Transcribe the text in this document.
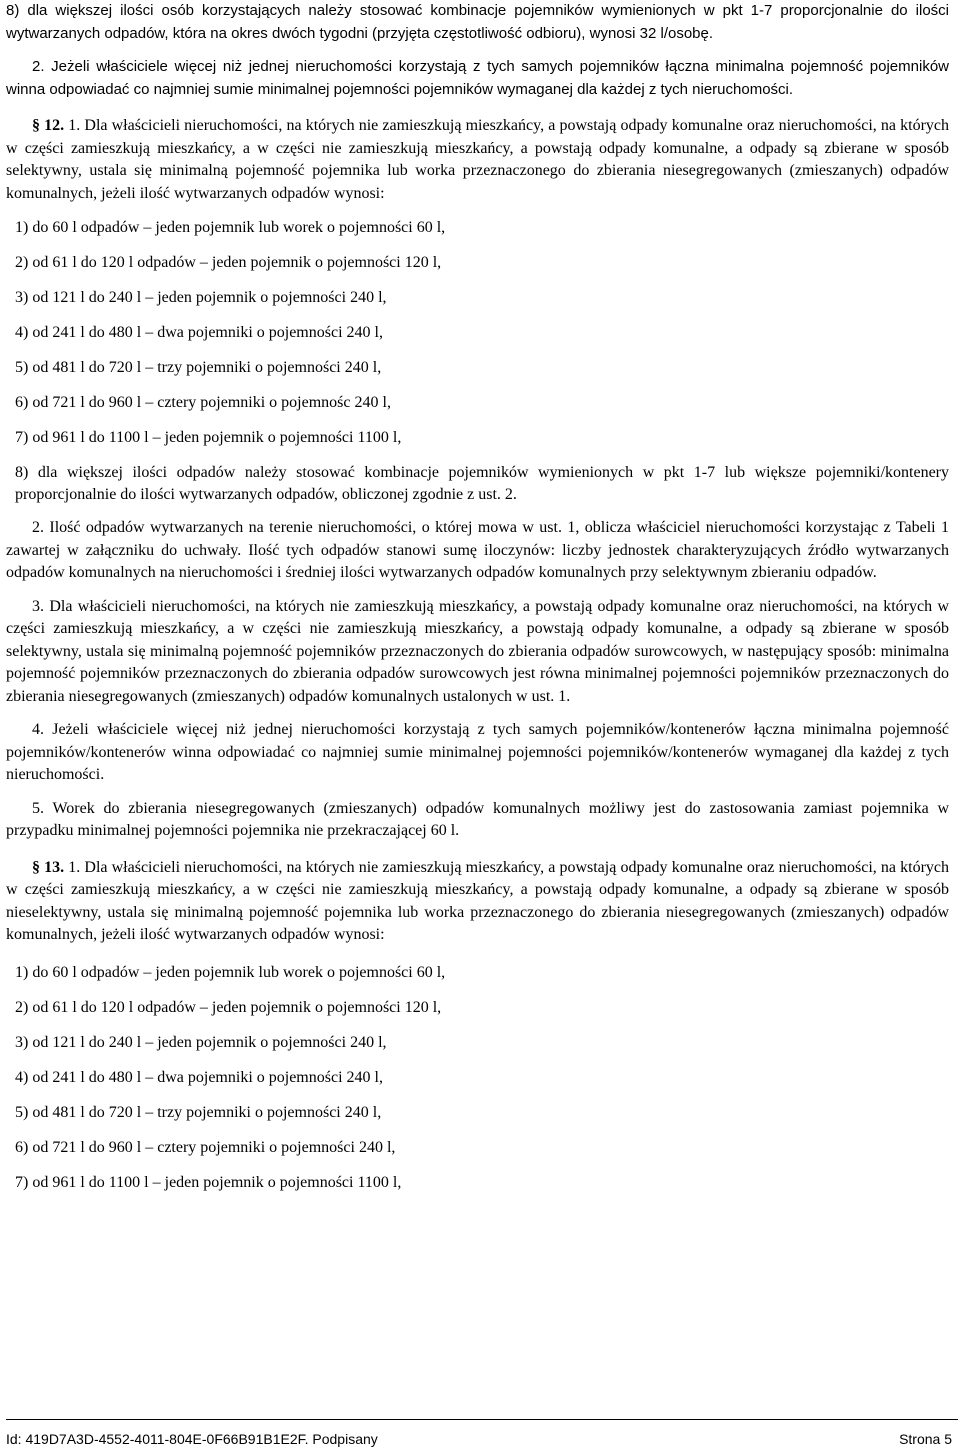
8) dla większej ilości osób korzystających należy stosować kombinacje pojemników wymienionych w pkt 1-7 proporcjonalnie do ilości wytwarzanych odpadów, która na okres dwóch tygodni (przyjęta częstotliwość odbioru), wynosi 32 l/osobę.

2. Jeżeli właściciele więcej niż jednej nieruchomości korzystają z tych samych pojemników łączna minimalna pojemność pojemników winna odpowiadać co najmniej sumie minimalnej pojemności pojemników wymaganej dla każdej z tych nieruchomości.

§ 12. 1. Dla właścicieli nieruchomości, na których nie zamieszkują mieszkańcy, a powstają odpady komunalne oraz nieruchomości, na których w części zamieszkują mieszkańcy, a w części nie zamieszkują mieszkańcy, a powstają odpady komunalne, a odpady są zbierane w sposób selektywny, ustala się minimalną pojemność pojemnika lub worka przeznaczonego do zbierania niesegregowanych (zmieszanych) odpadów komunalnych, jeżeli ilość wytwarzanych odpadów wynosi:

1) do 60 l odpadów – jeden pojemnik lub worek o pojemności 60 l,

2) od 61 l do 120 l odpadów – jeden pojemnik o pojemności 120 l,

3) od 121 l do 240 l – jeden pojemnik o pojemności 240 l,

4) od 241 l do 480 l – dwa pojemniki o pojemności 240 l,

5) od 481 l do 720 l – trzy pojemniki o pojemności 240 l,

6) od 721 l do 960 l – cztery pojemniki o pojemnośc 240 l,

7) od 961 l do 1100 l – jeden pojemnik o pojemności 1100 l,

8) dla większej ilości odpadów należy stosować kombinacje pojemników wymienionych w pkt 1-7 lub większe pojemniki/kontenery proporcjonalnie do ilości wytwarzanych odpadów, obliczonej zgodnie z ust. 2.

2. Ilość odpadów wytwarzanych na terenie nieruchomości, o której mowa w ust. 1, oblicza właściciel nieruchomości korzystając z Tabeli 1 zawartej w załączniku do uchwały. Ilość tych odpadów stanowi sumę iloczynów: liczby jednostek charakteryzujących źródło wytwarzanych odpadów komunalnych na nieruchomości i średniej ilości wytwarzanych odpadów komunalnych przy selektywnym zbieraniu odpadów.

3. Dla właścicieli nieruchomości, na których nie zamieszkują mieszkańcy, a powstają odpady komunalne oraz nieruchomości, na których w części zamieszkują mieszkańcy, a w części nie zamieszkują mieszkańcy, a powstają odpady komunalne, a odpady są zbierane w sposób selektywny, ustala się minimalną pojemność pojemników przeznaczonych do zbierania odpadów surowcowych, w następujący sposób: minimalna pojemność pojemników przeznaczonych do zbierania odpadów surowcowych jest równa minimalnej pojemności pojemników przeznaczonych do zbierania niesegregowanych (zmieszanych) odpadów komunalnych ustalonych w ust. 1.

4. Jeżeli właściciele więcej niż jednej nieruchomości korzystają z tych samych pojemników/kontenerów łączna minimalna pojemność pojemników/kontenerów winna odpowiadać co najmniej sumie minimalnej pojemności pojemników/kontenerów wymaganej dla każdej z tych nieruchomości.

5. Worek do zbierania niesegregowanych (zmieszanych) odpadów komunalnych możliwy jest do zastosowania zamiast pojemnika w przypadku minimalnej pojemności pojemnika nie przekraczającej 60 l.

§ 13. 1. Dla właścicieli nieruchomości, na których nie zamieszkują mieszkańcy, a powstają odpady komunalne oraz nieruchomości, na których w części zamieszkują mieszkańcy, a w części nie zamieszkują mieszkańcy, a powstają odpady komunalne, a odpady są zbierane w sposób nieselektywny, ustala się minimalną pojemność pojemnika lub worka przeznaczonego do zbierania niesegregowanych (zmieszanych) odpadów komunalnych, jeżeli ilość wytwarzanych odpadów wynosi:

1) do 60 l odpadów – jeden pojemnik lub worek o pojemności 60 l,

2) od 61 l do 120 l odpadów – jeden pojemnik o pojemności 120 l,

3) od 121 l do 240 l – jeden pojemnik o pojemności 240 l,

4) od 241 l do 480 l – dwa pojemniki o pojemności 240 l,

5) od 481 l do 720 l – trzy pojemniki o pojemności 240 l,

6) od 721 l do 960 l – cztery pojemniki o pojemności 240 l,

7) od 961 l do 1100 l – jeden pojemnik o pojemności 1100 l,

Id: 419D7A3D-4552-4011-804E-0F66B91B1E2F. Podpisany	Strona 5
